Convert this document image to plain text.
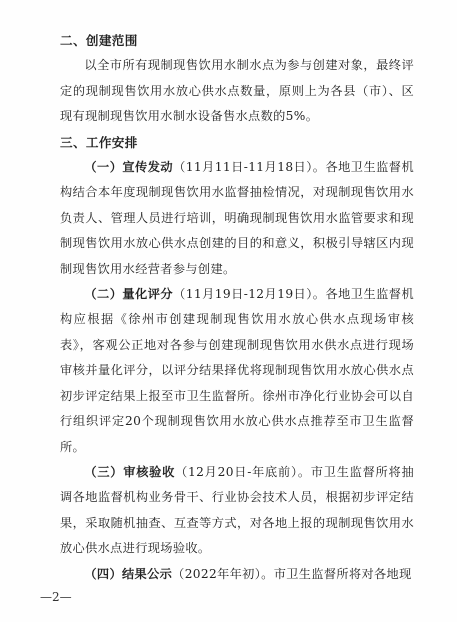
二、创建范围

以全市所有现制现售饮用水制水点为参与创建对象，最终评定的现制现售饮用水放心供水点数量，原则上为各县（市）、区现有现制现售饮用水制水设备售水点数的5%。

三、工作安排

（一）宣传发动（11月11日-11月18日）。各地卫生监督机构结合本年度现制现售饮用水监督抽检情况，对现制现售饮用水负责人、管理人员进行培训，明确现制现售饮用水监管要求和现制现售饮用水放心供水点创建的目的和意义，积极引导辖区内现制现售饮用水经营者参与创建。

（二）量化评分（11月19日-12月19日）。各地卫生监督机构应根据《徐州市创建现制现售饮用水放心供水点现场审核表》，客观公正地对各参与创建现制现售饮用水供水点进行现场审核并量化评分，以评分结果择优将现制现售饮用水放心供水点初步评定结果上报至市卫生监督所。徐州市净化行业协会可以自行组织评定20个现制现售饮用水放心供水点推荐至市卫生监督所。

（三）审核验收（12月20日-年底前）。市卫生监督所将抽调各地监督机构业务骨干、行业协会技术人员，根据初步评定结果，采取随机抽查、互查等方式，对各地上报的现制现售饮用水放心供水点进行现场验收。

（四）结果公示（2022年年初）。市卫生监督所将对各地现

—2—
